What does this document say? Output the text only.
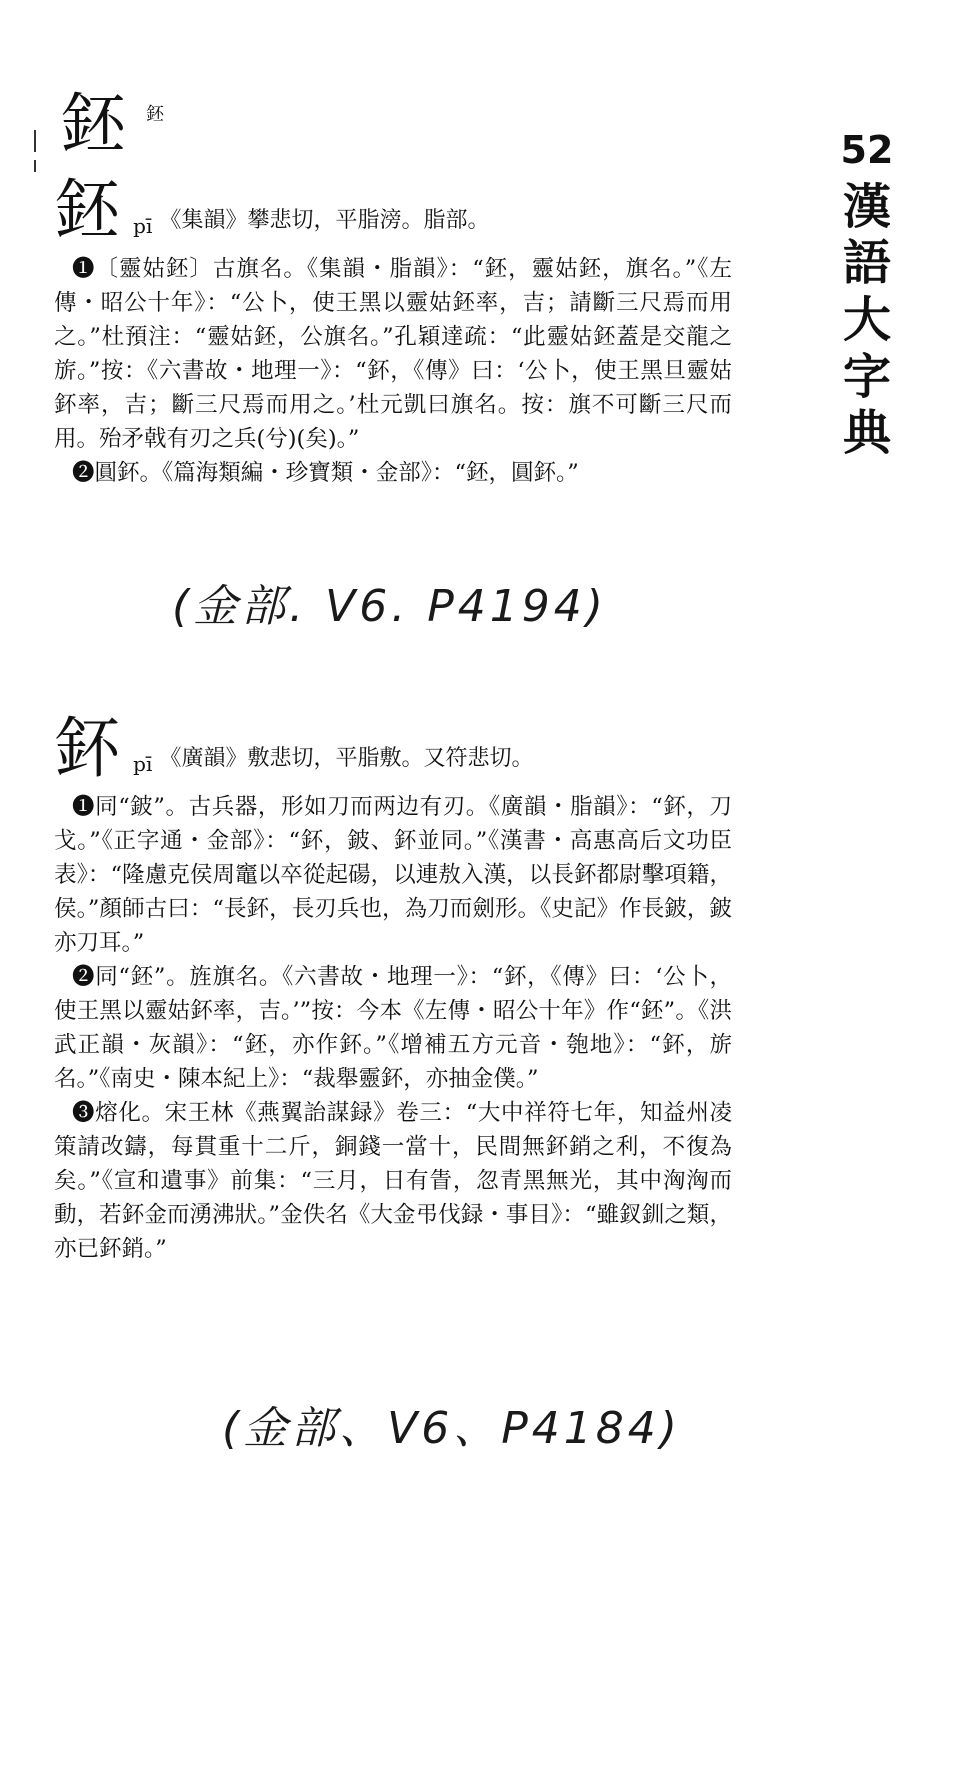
鉟 鉟
52
漢
語
大
字
典
鉟 pī 《集韻》攀悲切，平脂滂。脂部。

❶〔靈姑鉟〕古旗名。《集韻・脂韻》：“鉟，靈姑鉟，旗名。”《左傳・昭公十年》：“公卜，使王黑以靈姑鉟率，吉；請斷三尺焉而用之。”杜預注：“靈姑鉟，公旗名。”孔穎達疏：“此靈姑鉟蓋是交龍之旂。”按：《六書故・地理一》：“鈈，《傳》曰：‘公卜，使王黑旦靈姑鈈率，吉；斷三尺焉而用之。’杜元凱曰旗名。按：旗不可斷三尺而用。殆矛戟有刃之兵(兮)(矣)。”

❷圓鈈。《篇海類編・珍寶類・金部》：“鉟，圓鈈。”

(金部. V6. P4194)
鈈 pī 《廣韻》敷悲切，平脂敷。又符悲切。

❶同“鈹”。古兵器，形如刀而两边有刃。《廣韻・脂韻》：“鈈，刀戈。”《正字通・金部》：“鈈，鈹、鈈並同。”《漢書・高惠高后文功臣表》：“隆慮克侯周竈以卒從起碭，以連敖入漢，以長鈈都尉擊項籍，侯。”顏師古曰：“長鈈，長刃兵也，為刀而劍形。《史記》作長鈹，鈹亦刀耳。”

❷同“鉟”。旌旗名。《六書故・地理一》：“鈈，《傳》曰：‘公卜，使王黑以靈姑鈈率，吉。’”按：今本《左傳・昭公十年》作“鉟”。《洪武正韻・灰韻》：“鉟，亦作鈈。”《增補五方元音・匏地》：“鈈，旂名。”《南史・陳本紀上》：“裁舉靈鈈，亦抽金僕。”

❸熔化。宋王林《燕翼詒謀録》卷三：“大中祥符七年，知益州凌策請改鑄，每貫重十二斤，銅錢一當十，民間無鈈銷之利，不復為矣。”《宣和遺事》前集：“三月，日有眚，忽青黑無光，其中洶洶而動，若鈈金而湧沸狀。”金佚名《大金弔伐録・事目》：“雖釵釧之類，亦已鈈銷。”

(金部、V6、P4184)
